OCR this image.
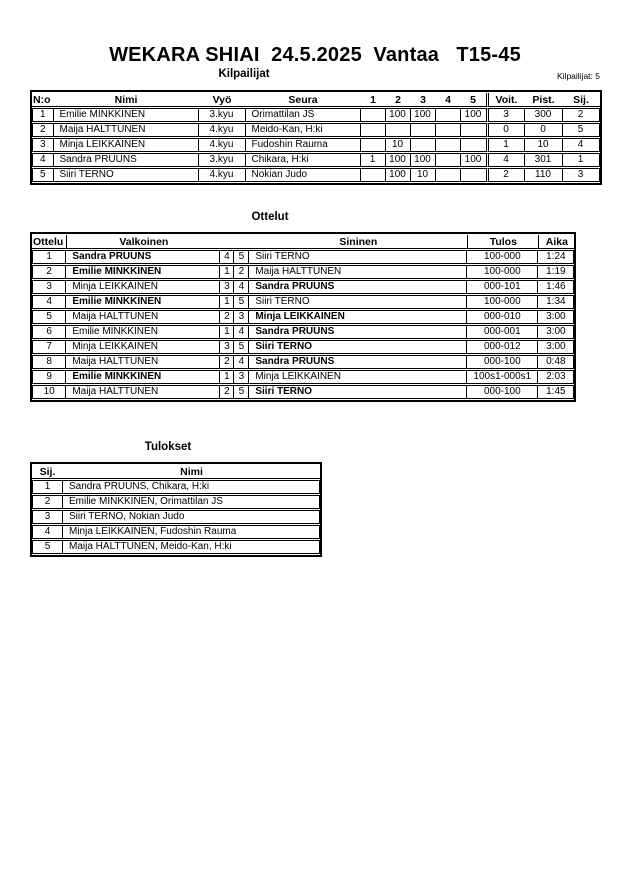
WEKARA SHIAI  24.5.2025  Vantaa   T15-45
Kilpailijat	Kilpailijat: 5
N:o	Nimi	Vyö	Seura	1	2	3	4	5	Voit.	Pist.	Sij.
1	Emilie MINKKINEN	3.kyu	Orimattilan JS		100	100		100	3	300	2
2	Maija HALTTUNEN	4.kyu	Meido-Kan, H:ki						0	0	5
3	Minja LEIKKAINEN	4.kyu	Fudoshin Rauma		10				1	10	4
4	Sandra PRUUNS	3.kyu	Chikara, H:ki	1	100	100		100	4	301	1
5	Siiri TERNO	4.kyu	Nokian Judo		100	10			2	110	3
Ottelut
Ottelu	Valkoinen			Sininen	Tulos	Aika
1	Sandra PRUUNS	4	5	Siiri TERNO	100-000	1:24
2	Emilie MINKKINEN	1	2	Maija HALTTUNEN	100-000	1:19
3	Minja LEIKKAINEN	3	4	Sandra PRUUNS	000-101	1:46
4	Emilie MINKKINEN	1	5	Siiri TERNO	100-000	1:34
5	Maija HALTTUNEN	2	3	Minja LEIKKAINEN	000-010	3:00
6	Emilie MINKKINEN	1	4	Sandra PRUUNS	000-001	3:00
7	Minja LEIKKAINEN	3	5	Siiri TERNO	000-012	3:00
8	Maija HALTTUNEN	2	4	Sandra PRUUNS	000-100	0:48
9	Emilie MINKKINEN	1	3	Minja LEIKKAINEN	100s1-000s1	2:03
10	Maija HALTTUNEN	2	5	Siiri TERNO	000-100	1:45
Tulokset
Sij.	Nimi
1	Sandra PRUUNS, Chikara, H:ki
2	Emilie MINKKINEN, Orimattilan JS
3	Siiri TERNO, Nokian Judo
4	Minja LEIKKAINEN, Fudoshin Rauma
5	Maija HALTTUNEN, Meido-Kan, H:ki
